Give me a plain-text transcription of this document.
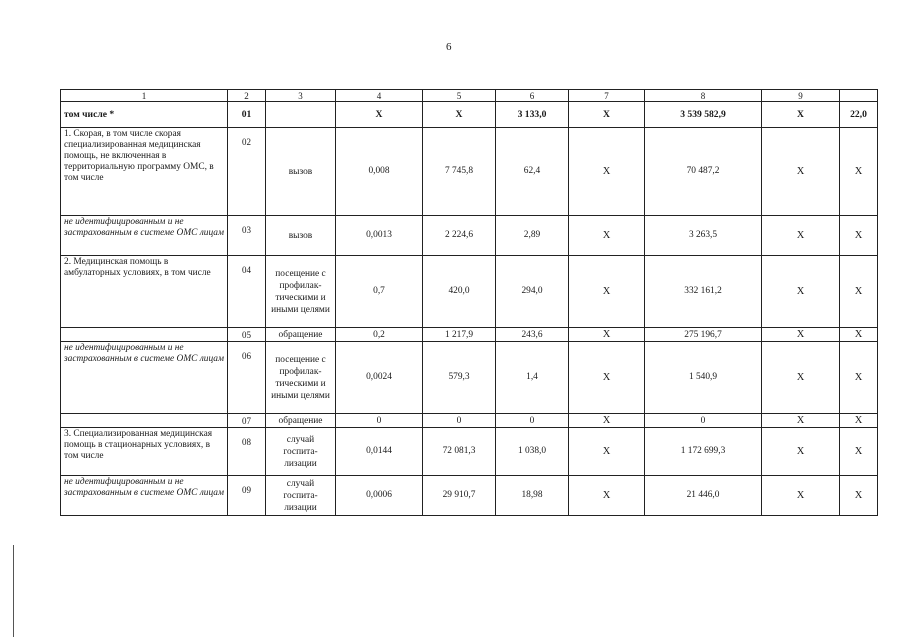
6
1	2	3	4	5	6	7	8	9	
том числе *	01		X	X	3 133,0	X	3 539 582,9	X	22,0
1. Скорая, в том числе скорая специализированная медицинская помощь, не включенная в территориальную программу ОМС, в том числе	02	вызов	0,008	7 745,8	62,4	X	70 487,2	X	X
не идентифицированным и не застрахованным в системе ОМС лицам	03	вызов	0,0013	2 224,6	2,89	X	3 263,5	X	X
2. Медицинская помощь в амбулаторных условиях, в том числе	04	посещение с профилак-тическими и иными целями	0,7	420,0	294,0	X	332 161,2	X	X
	05	обращение	0,2	1 217,9	243,6	X	275 196,7	X	X
не идентифицированным и не застрахованным в системе ОМС лицам	06	посещение с профилак-тическими и иными целями	0,0024	579,3	1,4	X	1 540,9	X	X
	07	обращение	0	0	0	X	0	X	X
3. Специализированная медицинская помощь в стационарных условиях, в том числе	08	случай госпита-лизации	0,0144	72 081,3	1 038,0	X	1 172 699,3	X	X
не идентифицированным и не застрахованным в системе ОМС лицам	09	случай госпита-лизации	0,0006	29 910,7	18,98	X	21 446,0	X	X
